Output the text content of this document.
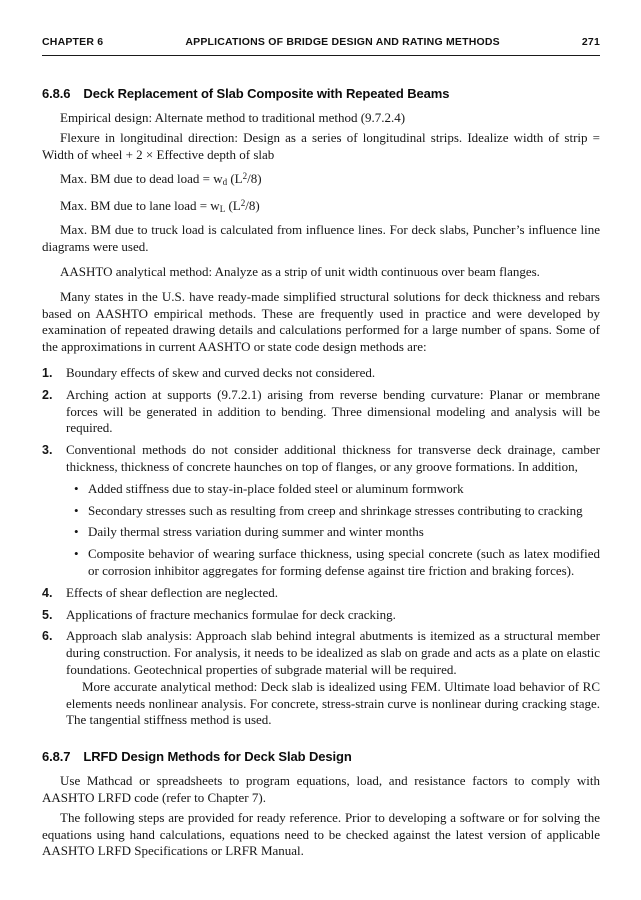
CHAPTER 6	APPLICATIONS OF BRIDGE DESIGN AND RATING METHODS	271
6.8.6 Deck Replacement of Slab Composite with Repeated Beams

Empirical design: Alternate method to traditional method (9.7.2.4)

Flexure in longitudinal direction: Design as a series of longitudinal strips. Idealize width of strip = Width of wheel + 2 × Effective depth of slab

Max. BM due to dead load = $w_d$ $(L^2/8)$

Max. BM due to lane load = $w_L$ $(L^2/8)$

Max. BM due to truck load is calculated from influence lines. For deck slabs, Puncher’s influence line diagrams were used.

AASHTO analytical method: Analyze as a strip of unit width continuous over beam flanges.

Many states in the U.S. have ready-made simplified structural solutions for deck thickness and rebars based on AASHTO empirical methods. These are frequently used in practice and were developed by examination of repeated drawing details and calculations performed for a large number of spans. Some of the approximations in current AASHTO or state code design methods are:

1.	Boundary effects of skew and curved decks not considered.
2.	Arching action at supports (9.7.2.1) arising from reverse bending curvature: Planar or membrane forces will be generated in addition to bending. Three dimensional modeling and analysis will be required.
3.	Conventional methods do not consider additional thickness for transverse deck drainage, camber thickness, thickness of concrete haunches on top of flanges, or any groove formations. In addition,

• Added stiffness due to stay-in-place folded steel or aluminum formwork
• Secondary stresses such as resulting from creep and shrinkage stresses contributing to cracking
• Daily thermal stress variation during summer and winter months
• Composite behavior of wearing surface thickness, using special concrete (such as latex modified or corrosion inhibitor aggregates for forming defense against tire friction and braking forces).
4.	Effects of shear deflection are neglected.
5.	Applications of fracture mechanics formulae for deck cracking.
6.	Approach slab analysis: Approach slab behind integral abutments is itemized as a structural member during construction. For analysis, it needs to be idealized as slab on grade and acts as a plate on elastic foundations. Geotechnical properties of subgrade material will be required.

More accurate analytical method: Deck slab is idealized using FEM. Ultimate load behavior of RC elements needs nonlinear analysis. For concrete, stress-strain curve is nonlinear during cracking stage. The tangential stiffness method is used.

6.8.7 LRFD Design Methods for Deck Slab Design

Use Mathcad or spreadsheets to program equations, load, and resistance factors to comply with AASHTO LRFD code (refer to Chapter 7).

The following steps are provided for ready reference. Prior to developing a software or for solving the equations using hand calculations, equations need to be checked against the latest version of applicable AASHTO LRFD Specifications or LRFR Manual.
